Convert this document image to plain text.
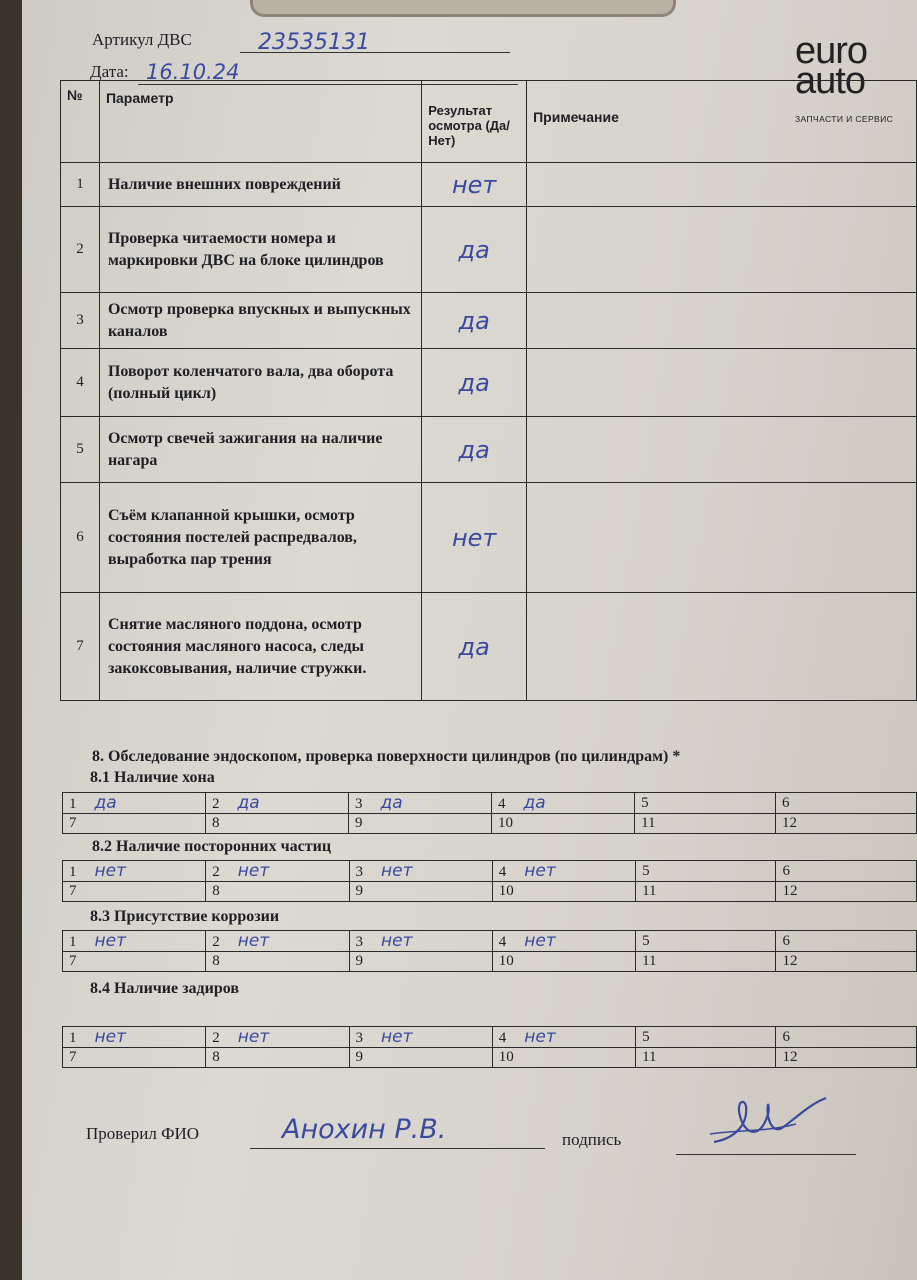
Артикул ДВС	23535131
Дата: 16.10.24	euro
auto
ЗАПЧАСТИ И СЕРВИС
№	Параметр	Результат осмотра (Да/Нет)	Примечание
1	Наличие внешних повреждений	нет	
2	Проверка читаемости номера и маркировки ДВС на блоке цилиндров	да	
3	Осмотр проверка впускных и выпускных каналов	да	
4	Поворот коленчатого вала, два оборота (полный цикл)	да	
5	Осмотр свечей зажигания на наличие нагара	да	
6	Съём клапанной крышки, осмотр состояния постелей распредвалов, выработка пар трения	нет	
7	Снятие масляного поддона, осмотр состояния масляного насоса, следы закоксовывания, наличие стружки.	да	
8. Обследование эндоскопом, проверка поверхности цилиндров (по цилиндрам) *
8.1 Наличие хона
1 да	2 да	3 да	4 да	5	6
7	8	9	10	11	12
8.2 Наличие посторонних частиц
1 нет	2 нет	3 нет	4 нет	5	6
7	8	9	10	11	12
8.3 Присутствие коррозии
1 нет	2 нет	3 нет	4 нет	5	6
7	8	9	10	11	12
8.4 Наличие задиров
1 нет	2 нет	3 нет	4 нет	5	6
7	8	9	10	11	12
Проверил ФИО	Анохин Р.В.	подпись
